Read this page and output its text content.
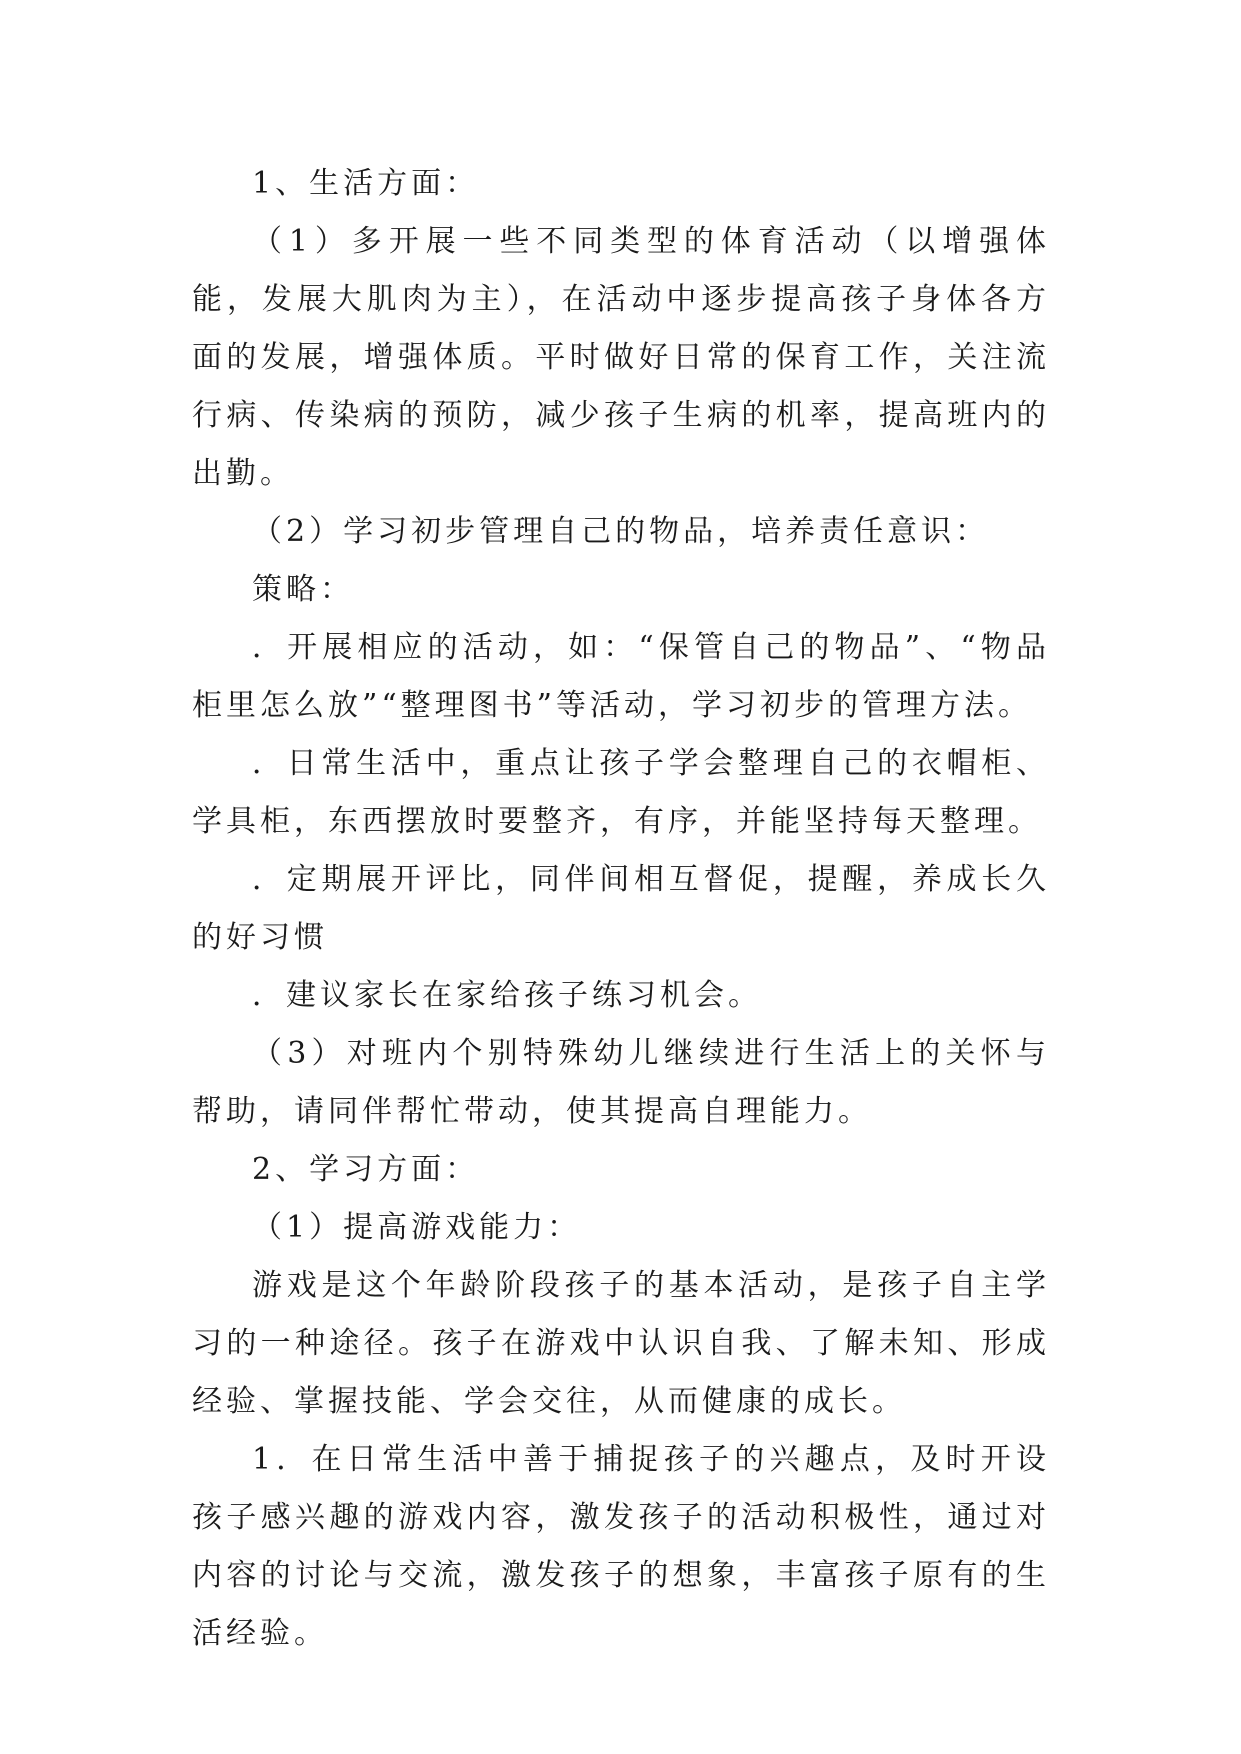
1、生活方面：

（1）多开展一些不同类型的体育活动（以增强体能，发展大肌肉为主），在活动中逐步提高孩子身体各方面的发展，增强体质。平时做好日常的保育工作，关注流行病、传染病的预防，减少孩子生病的机率，提高班内的出勤。

（2）学习初步管理自己的物品，培养责任意识：

策略：

．开展相应的活动，如：“保管自己的物品”、“物品柜里怎么放”“整理图书”等活动，学习初步的管理方法。

．日常生活中，重点让孩子学会整理自己的衣帽柜、学具柜，东西摆放时要整齐，有序，并能坚持每天整理。

．定期展开评比，同伴间相互督促，提醒，养成长久的好习惯

．建议家长在家给孩子练习机会。

（3）对班内个别特殊幼儿继续进行生活上的关怀与帮助，请同伴帮忙带动，使其提高自理能力。

2、学习方面：

（1）提高游戏能力：

游戏是这个年龄阶段孩子的基本活动，是孩子自主学习的一种途径。孩子在游戏中认识自我、了解未知、形成经验、掌握技能、学会交往，从而健康的成长。

1．在日常生活中善于捕捉孩子的兴趣点，及时开设孩子感兴趣的游戏内容，激发孩子的活动积极性，通过对内容的讨论与交流，激发孩子的想象，丰富孩子原有的生活经验。
